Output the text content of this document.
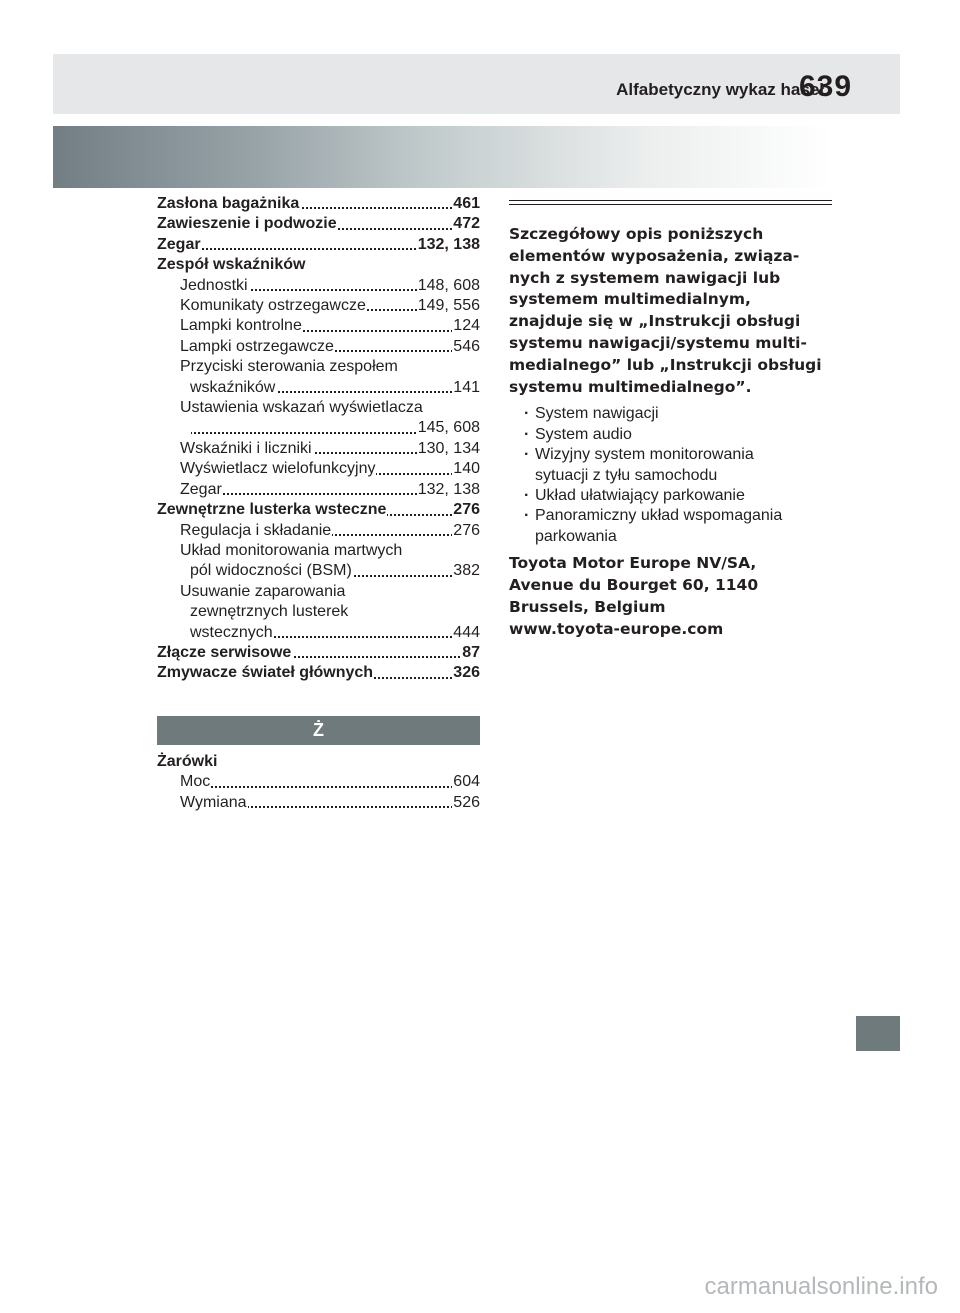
Alfabetyczny wykaz haseł
639
Zasłona bagażnika	461
Zawieszenie i podwozie	472
Zegar	132, 138
Zespół wskaźników
Jednostki	148, 608
Komunikaty ostrzegawcze	149, 556
Lampki kontrolne	124
Lampki ostrzegawcze	546
Przyciski sterowania zespołem
wskaźników	141
Ustawienia wskazań wyświetlacza
145, 608
Wskaźniki i liczniki	130, 134
Wyświetlacz wielofunkcyjny	140
Zegar	132, 138
Zewnętrzne lusterka wsteczne	276
Regulacja i składanie	276
Układ monitorowania martwych
pól widoczności (BSM)	382
Usuwanie zaparowania
zewnętrznych lusterek
wstecznych	444
Złącze serwisowe	87
Zmywacze świateł głównych	326
Ż
Żarówki
Moc	604
Wymiana	526
Szczegółowy opis poniższych
elementów wyposażenia, związa-
nych z systemem nawigacji lub
systemem multimedialnym,
znajduje się w „Instrukcji obsługi
systemu nawigacji/systemu multi-
medialnego” lub „Instrukcji obsługi
systemu multimedialnego”.
· System nawigacji
· System audio
· Wizyjny system monitorowania
sytuacji z tyłu samochodu
· Układ ułatwiający parkowanie
· Panoramiczny układ wspomagania
parkowania
Toyota Motor Europe NV/SA,
Avenue du Bourget 60, 1140
Brussels, Belgium
www.toyota-europe.com
carmanualsonline.info
